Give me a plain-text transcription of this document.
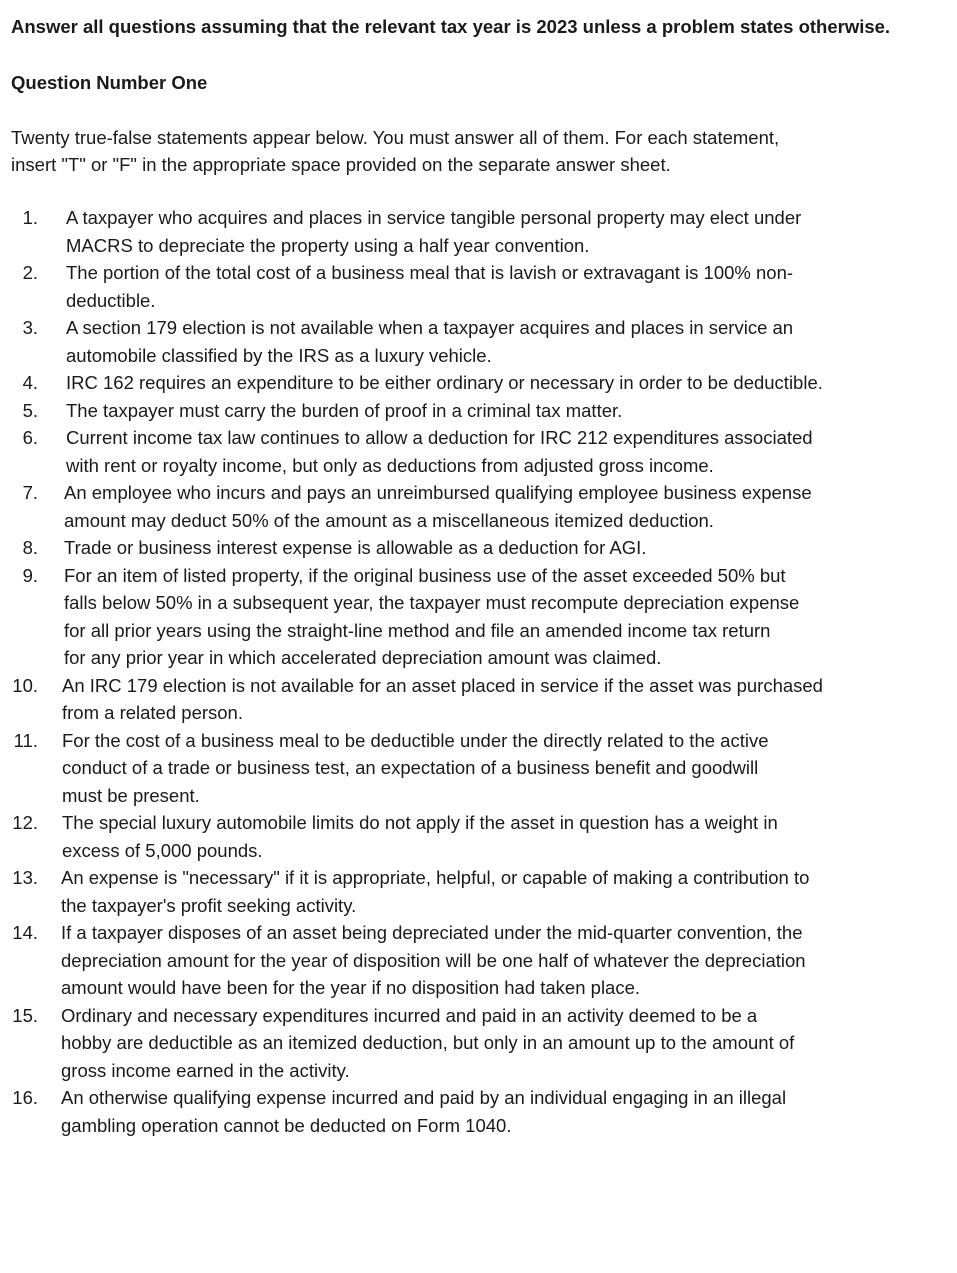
Answer all questions assuming that the relevant tax year is 2023 unless a problem states otherwise.
Question Number One
Twenty true-false statements appear below. You must answer all of them. For each statement,
insert "T" or "F" in the appropriate space provided on the separate answer sheet.
1. A taxpayer who acquires and places in service tangible personal property may elect under
MACRS to depreciate the property using a half year convention.
2. The portion of the total cost of a business meal that is lavish or extravagant is 100% non-
deductible.
3. A section 179 election is not available when a taxpayer acquires and places in service an
automobile classified by the IRS as a luxury vehicle.
4. IRC 162 requires an expenditure to be either ordinary or necessary in order to be deductible.
5. The taxpayer must carry the burden of proof in a criminal tax matter.
6. Current income tax law continues to allow a deduction for IRC 212 expenditures associated
with rent or royalty income, but only as deductions from adjusted gross income.
7. An employee who incurs and pays an unreimbursed qualifying employee business expense
amount may deduct 50% of the amount as a miscellaneous itemized deduction.
8. Trade or business interest expense is allowable as a deduction for AGI.
9. For an item of listed property, if the original business use of the asset exceeded 50% but
falls below 50% in a subsequent year, the taxpayer must recompute depreciation expense
for all prior years using the straight-line method and file an amended income tax return
for any prior year in which accelerated depreciation amount was claimed.
10. An IRC 179 election is not available for an asset placed in service if the asset was purchased
from a related person.
11. For the cost of a business meal to be deductible under the directly related to the active
conduct of a trade or business test, an expectation of a business benefit and goodwill
must be present.
12. The special luxury automobile limits do not apply if the asset in question has a weight in
excess of 5,000 pounds.
13. An expense is "necessary" if it is appropriate, helpful, or capable of making a contribution to
the taxpayer's profit seeking activity.
14. If a taxpayer disposes of an asset being depreciated under the mid-quarter convention, the
depreciation amount for the year of disposition will be one half of whatever the depreciation
amount would have been for the year if no disposition had taken place.
15. Ordinary and necessary expenditures incurred and paid in an activity deemed to be a
hobby are deductible as an itemized deduction, but only in an amount up to the amount of
gross income earned in the activity.
16. An otherwise qualifying expense incurred and paid by an individual engaging in an illegal
gambling operation cannot be deducted on Form 1040.
